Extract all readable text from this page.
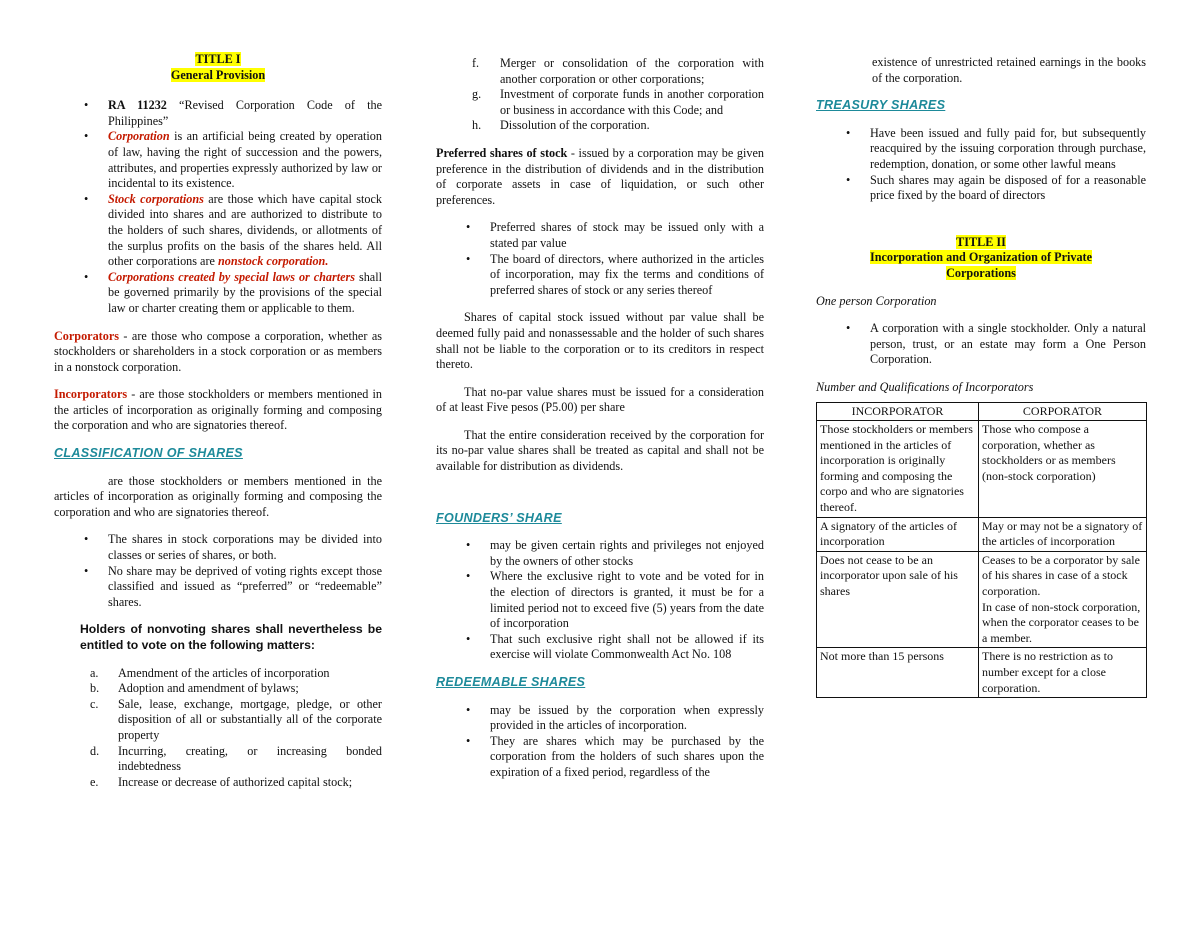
TITLE I
General Provision

• RA 11232 “Revised Corporation Code of the Philippines”
• Corporation is an artificial being created by operation of law, having the right of succession and the powers, attributes, and properties expressly authorized by law or incidental to its existence.
• Stock corporations are those which have capital stock divided into shares and are authorized to distribute to the holders of such shares, dividends, or allotments of the surplus profits on the basis of the shares held. All other corporations are nonstock corporation.
• Corporations created by special laws or charters shall be governed primarily by the provisions of the special law or charter creating them or applicable to them.

Corporators - are those who compose a corporation, whether as stockholders or shareholders in a stock corporation or as members in a nonstock corporation.

Incorporators - are those stockholders or members mentioned in the articles of incorporation as originally forming and composing the corporation and who are signatories thereof.

CLASSIFICATION OF SHARES

are those stockholders or members mentioned in the articles of incorporation as originally forming and composing the corporation and who are signatories thereof.

• The shares in stock corporations may be divided into classes or series of shares, or both.
• No share may be deprived of voting rights except those classified and issued as “preferred” or “redeemable” shares.

Holders of nonvoting shares shall nevertheless be entitled to vote on the following matters:

a. Amendment of the articles of incorporation
b. Adoption and amendment of bylaws;
c. Sale, lease, exchange, mortgage, pledge, or other disposition of all or substantially all of the corporate property
d. Incurring, creating, or increasing bonded indebtedness
e. Increase or decrease of authorized capital stock;
f. Merger or consolidation of the corporation with another corporation or other corporations;
g. Investment of corporate funds in another corporation or business in accordance with this Code; and
h. Dissolution of the corporation.

Preferred shares of stock - issued by a corporation may be given preference in the distribution of dividends and in the distribution of corporate assets in case of liquidation, or such other preferences.

• Preferred shares of stock may be issued only with a stated par value
• The board of directors, where authorized in the articles of incorporation, may fix the terms and conditions of preferred shares of stock or any series thereof

Shares of capital stock issued without par value shall be deemed fully paid and nonassessable and the holder of such shares shall not be liable to the corporation or to its creditors in respect thereto.

That no-par value shares must be issued for a consideration of at least Five pesos (P5.00) per share

That the entire consideration received by the corporation for its no-par value shares shall be treated as capital and shall not be available for distribution as dividends.

FOUNDERS’ SHARE

• may be given certain rights and privileges not enjoyed by the owners of other stocks
• Where the exclusive right to vote and be voted for in the election of directors is granted, it must be for a limited period not to exceed five (5) years from the date of incorporation
• That such exclusive right shall not be allowed if its exercise will violate Commonwealth Act No. 108

REDEEMABLE SHARES

• may be issued by the corporation when expressly provided in the articles of incorporation.
• They are shares which may be purchased by the corporation from the holders of such shares upon the expiration of a fixed period, regardless of the

existence of unrestricted retained earnings in the books of the corporation.

TREASURY SHARES

• Have been issued and fully paid for, but subsequently reacquired by the issuing corporation through purchase, redemption, donation, or some other lawful means
• Such shares may again be disposed of for a reasonable price fixed by the board of directors

TITLE II
Incorporation and Organization of Private
Corporations

One person Corporation

• A corporation with a single stockholder. Only a natural person, trust, or an estate may form a One Person Corporation.

Number and Qualifications of Incorporators

INCORPORATOR	CORPORATOR
Those stockholders or members mentioned in the articles of incorporation is originally forming and composing the corpo and who are signatories thereof.	Those who compose a corporation, whether as stockholders or as members (non-stock corporation)
A signatory of the articles of incorporation	May or may not be a signatory of the articles of incorporation
Does not cease to be an incorporator upon sale of his shares	Ceases to be a corporator by sale of his shares in case of a stock corporation.
In case of non-stock corporation, when the corporator ceases to be a member.
Not more than 15 persons	There is no restriction as to number except for a close corporation.
